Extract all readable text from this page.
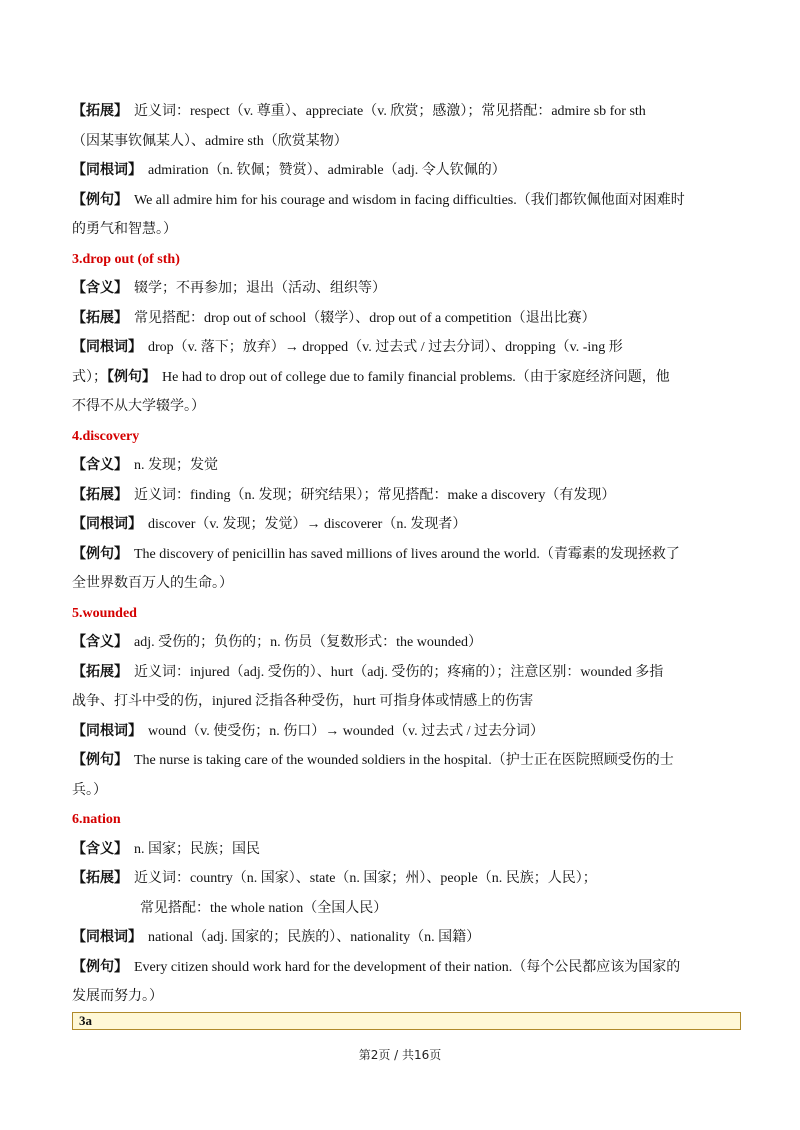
【拓展】 近义词：respect（v. 尊重）、appreciate（v. 欣赏；感激）；常见搭配：admire sb for sth
（因某事钦佩某人）、admire sth（欣赏某物）
【同根词】 admiration（n. 钦佩；赞赏）、admirable（adj. 令人钦佩的）
【例句】 We all admire him for his courage and wisdom in facing difficulties.（我们都钦佩他面对困难时
的勇气和智慧。）
3.drop out (of sth)
【含义】 辍学；不再参加；退出（活动、组织等）
【拓展】 常见搭配：drop out of school（辍学）、drop out of a competition（退出比赛）
【同根词】 drop（v. 落下；放弃）→ dropped（v. 过去式 / 过去分词）、dropping（v. -ing 形
式）；【例句】 He had to drop out of college due to family financial problems.（由于家庭经济问题，他
不得不从大学辍学。）
4.discovery
【含义】 n. 发现；发觉
【拓展】 近义词：finding（n. 发现；研究结果）；常见搭配：make a discovery（有发现）
【同根词】 discover（v. 发现；发觉）→ discoverer（n. 发现者）
【例句】 The discovery of penicillin has saved millions of lives around the world.（青霉素的发现拯救了
全世界数百万人的生命。）
5.wounded
【含义】 adj. 受伤的；负伤的；n. 伤员（复数形式：the wounded）
【拓展】 近义词：injured（adj. 受伤的）、hurt（adj. 受伤的；疼痛的）；注意区别：wounded 多指
战争、打斗中受的伤，injured 泛指各种受伤，hurt 可指身体或情感上的伤害
【同根词】 wound（v. 使受伤；n. 伤口）→ wounded（v. 过去式 / 过去分词）
【例句】 The nurse is taking care of the wounded soldiers in the hospital.（护士正在医院照顾受伤的士
兵。）
6.nation
【含义】 n. 国家；民族；国民
【拓展】 近义词：country（n. 国家）、state（n. 国家；州）、people（n. 民族；人民）；
常见搭配：the whole nation（全国人民）
【同根词】 national（adj. 国家的；民族的）、nationality（n. 国籍）
【例句】 Every citizen should work hard for the development of their nation.（每个公民都应该为国家的
发展而努力。）
3a
第2页 / 共16页
